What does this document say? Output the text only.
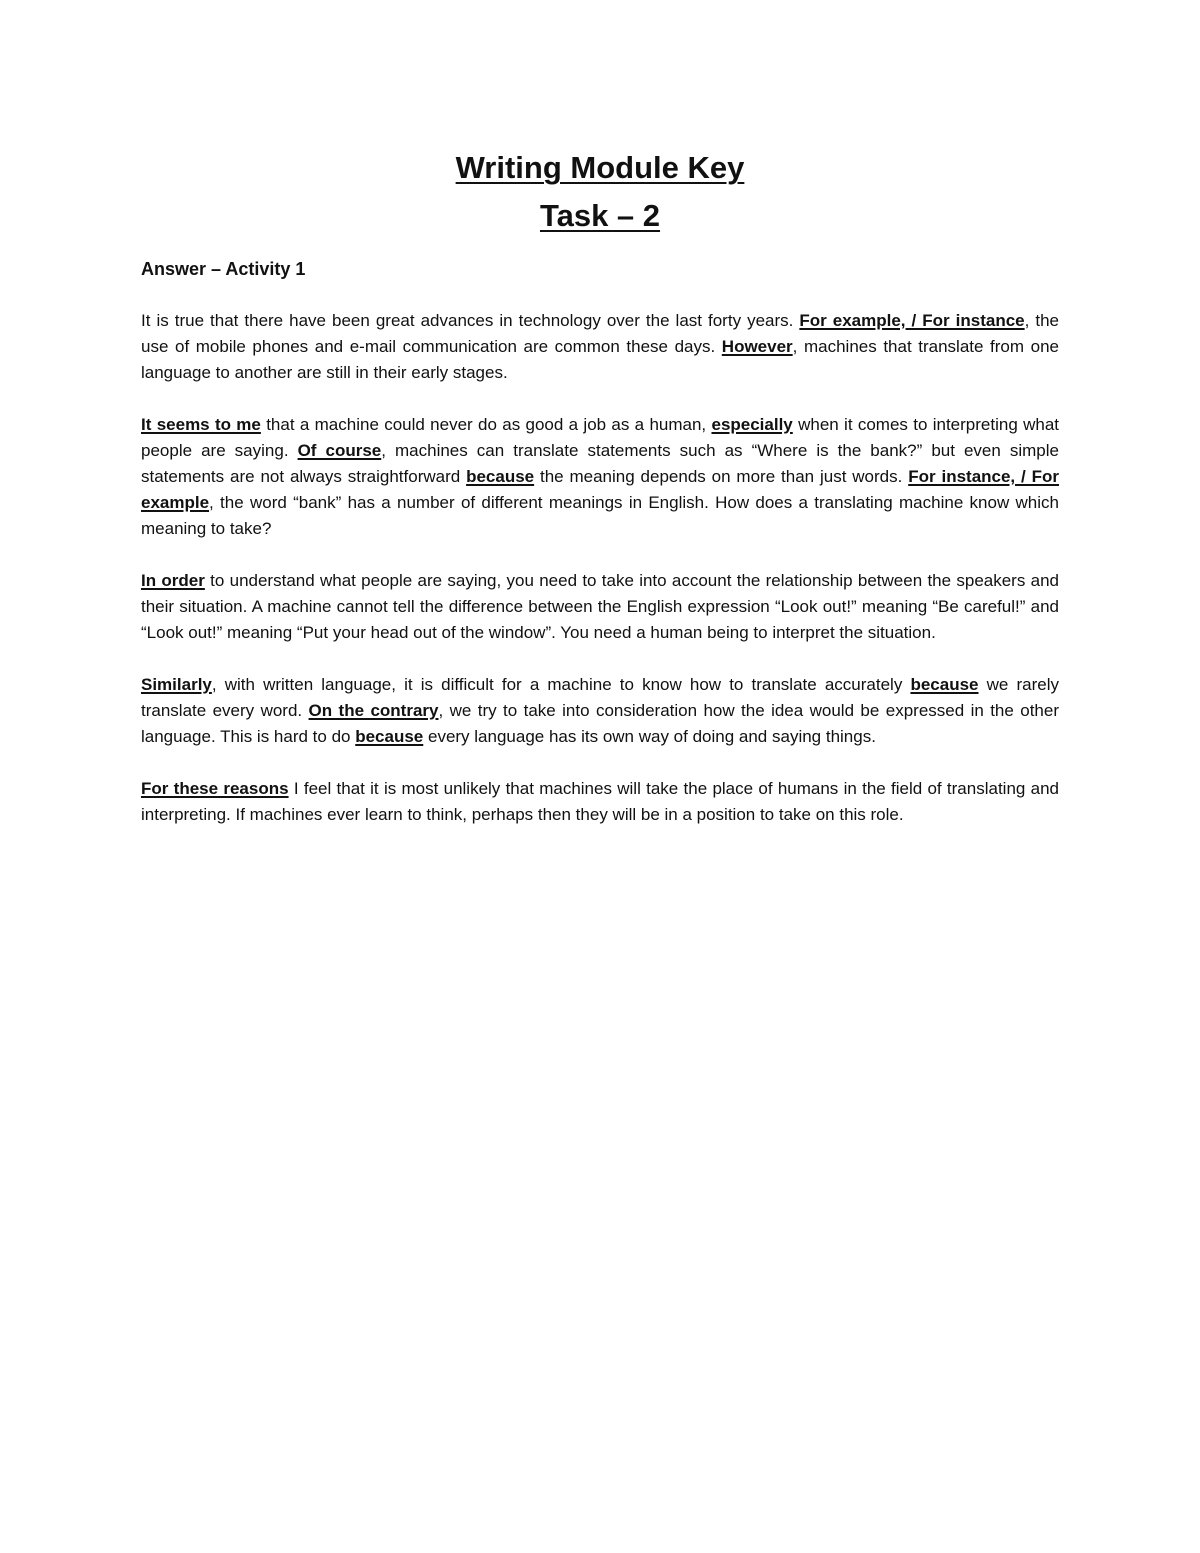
Writing Module Key
Task – 2
Answer – Activity 1

It is true that there have been great advances in technology over the last forty years. For example, / For instance, the use of mobile phones and e-mail communication are common these days. However, machines that translate from one language to another are still in their early stages.

It seems to me that a machine could never do as good a job as a human, especially when it comes to interpreting what people are saying. Of course, machines can translate statements such as “Where is the bank?” but even simple statements are not always straightforward because the meaning depends on more than just words. For instance, / For example, the word “bank” has a number of different meanings in English. How does a translating machine know which meaning to take?

In order to understand what people are saying, you need to take into account the relationship between the speakers and their situation. A machine cannot tell the difference between the English expression “Look out!” meaning “Be careful!” and “Look out!” meaning “Put your head out of the window”. You need a human being to interpret the situation.

Similarly, with written language, it is difficult for a machine to know how to translate accurately because we rarely translate every word. On the contrary, we try to take into consideration how the idea would be expressed in the other language. This is hard to do because every language has its own way of doing and saying things.

For these reasons I feel that it is most unlikely that machines will take the place of humans in the field of translating and interpreting. If machines ever learn to think, perhaps then they will be in a position to take on this role.
